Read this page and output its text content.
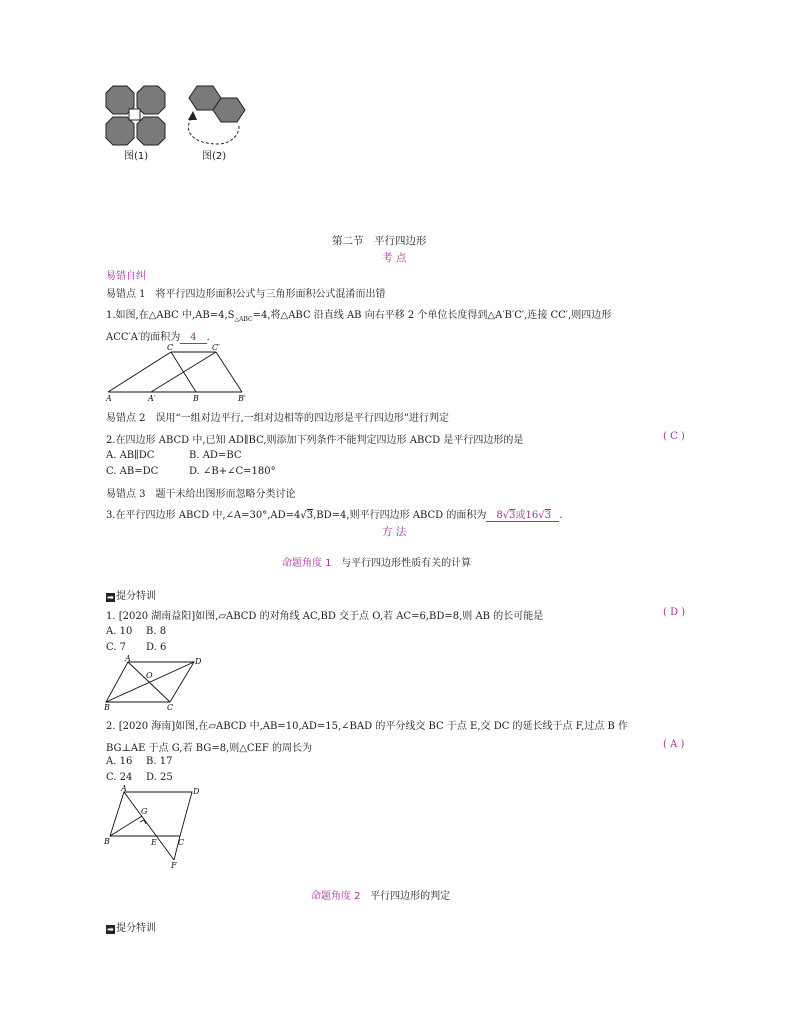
图(1)	图(2)
第二节　平行四边形
考 点
易错自纠
易错点 1　将平行四边形面积公式与三角形面积公式混淆而出错
1.如图,在△ABC 中$,AB=4,S_{\triangle ABC}=4$,将△ABC 沿直线 AB 向右平移 2 个单位长度得到△A′B′C′,连接 CC′,则四边形
ACC′A′的面积为 4 .
C	C′
A	A′	B	B′
易错点 2　误用“一组对边平行,一组对边相等的四边形是平行四边形”进行判定
2.在四边形 ABCD 中,已知 AD∥BC,则添加下列条件不能判定四边形 ABCD 是平行四边形的是	( C )
A. AB∥DC	B. AD=BC
C. AB=DC	D. ∠B+∠C=180°
易错点 3　题干未给出图形而忽略分类讨论
3.在平行四边形 ABCD 中,∠A=30°,AD=4√3,BD=4,则平行四边形 ABCD 的面积为 8√3或16√3 .
方 法
命题角度 1 与平行四边形性质有关的计算
➡ 提分特训
1. [2020 湖南益阳]如图,▱ABCD 的对角线 AC,BD 交于点 O,若 AC=6,BD=8,则 AB 的长可能是	( D )
A. 10 B. 8
C. 7 D. 6
A	D
O
B	C
2. [2020 海南]如图,在▱ABCD 中,AB=10,AD=15,∠BAD 的平分线交 BC 于点 E,交 DC 的延长线于点 F,过点 B 作
BG⊥AE 于点 G,若 BG=8,则△CEF 的周长为	( A )
A. 16 B. 17
C. 24 D. 25
A	D
G
B	E	C
F
命题角度 2 平行四边形的判定
➡ 提分特训
